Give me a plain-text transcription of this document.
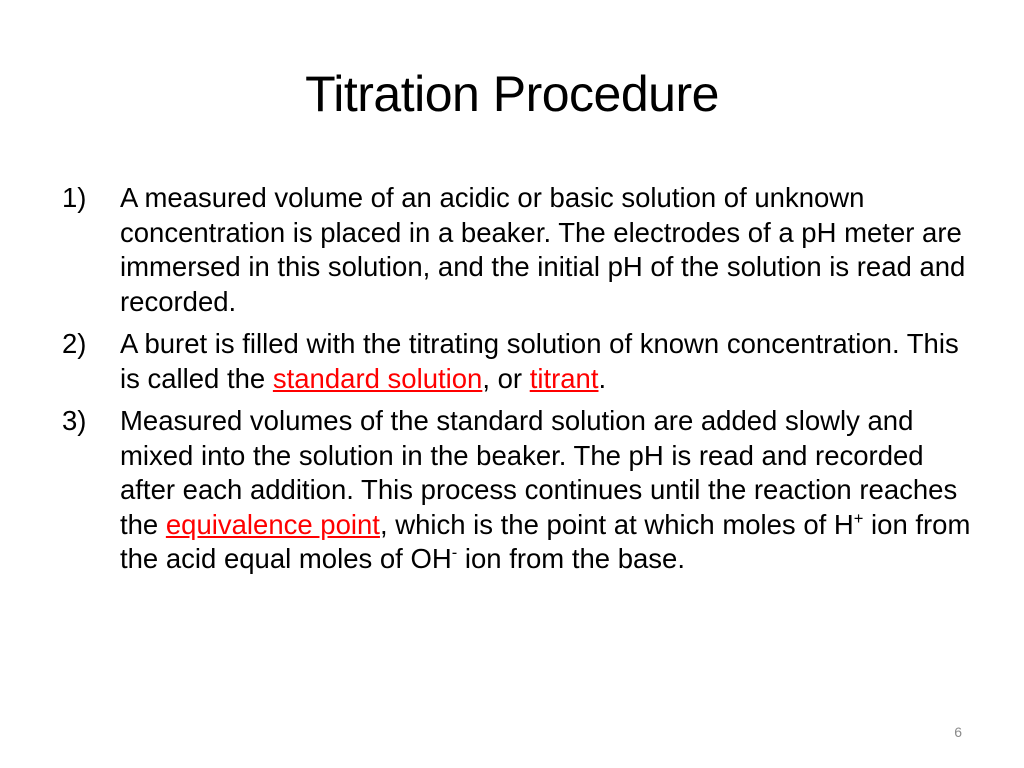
Titration Procedure
1) A measured volume of an acidic or basic solution of unknown concentration is placed in a beaker. The electrodes of a pH meter are immersed in this solution, and the initial pH of the solution is read and recorded.
2) A buret is filled with the titrating solution of known concentration. This is called the standard solution, or titrant.
3) Measured volumes of the standard solution are added slowly and mixed into the solution in the beaker. The pH is read and recorded after each addition. This process continues until the reaction reaches the equivalence point, which is the point at which moles of H+ ion from the acid equal moles of OH- ion from the base.
6
